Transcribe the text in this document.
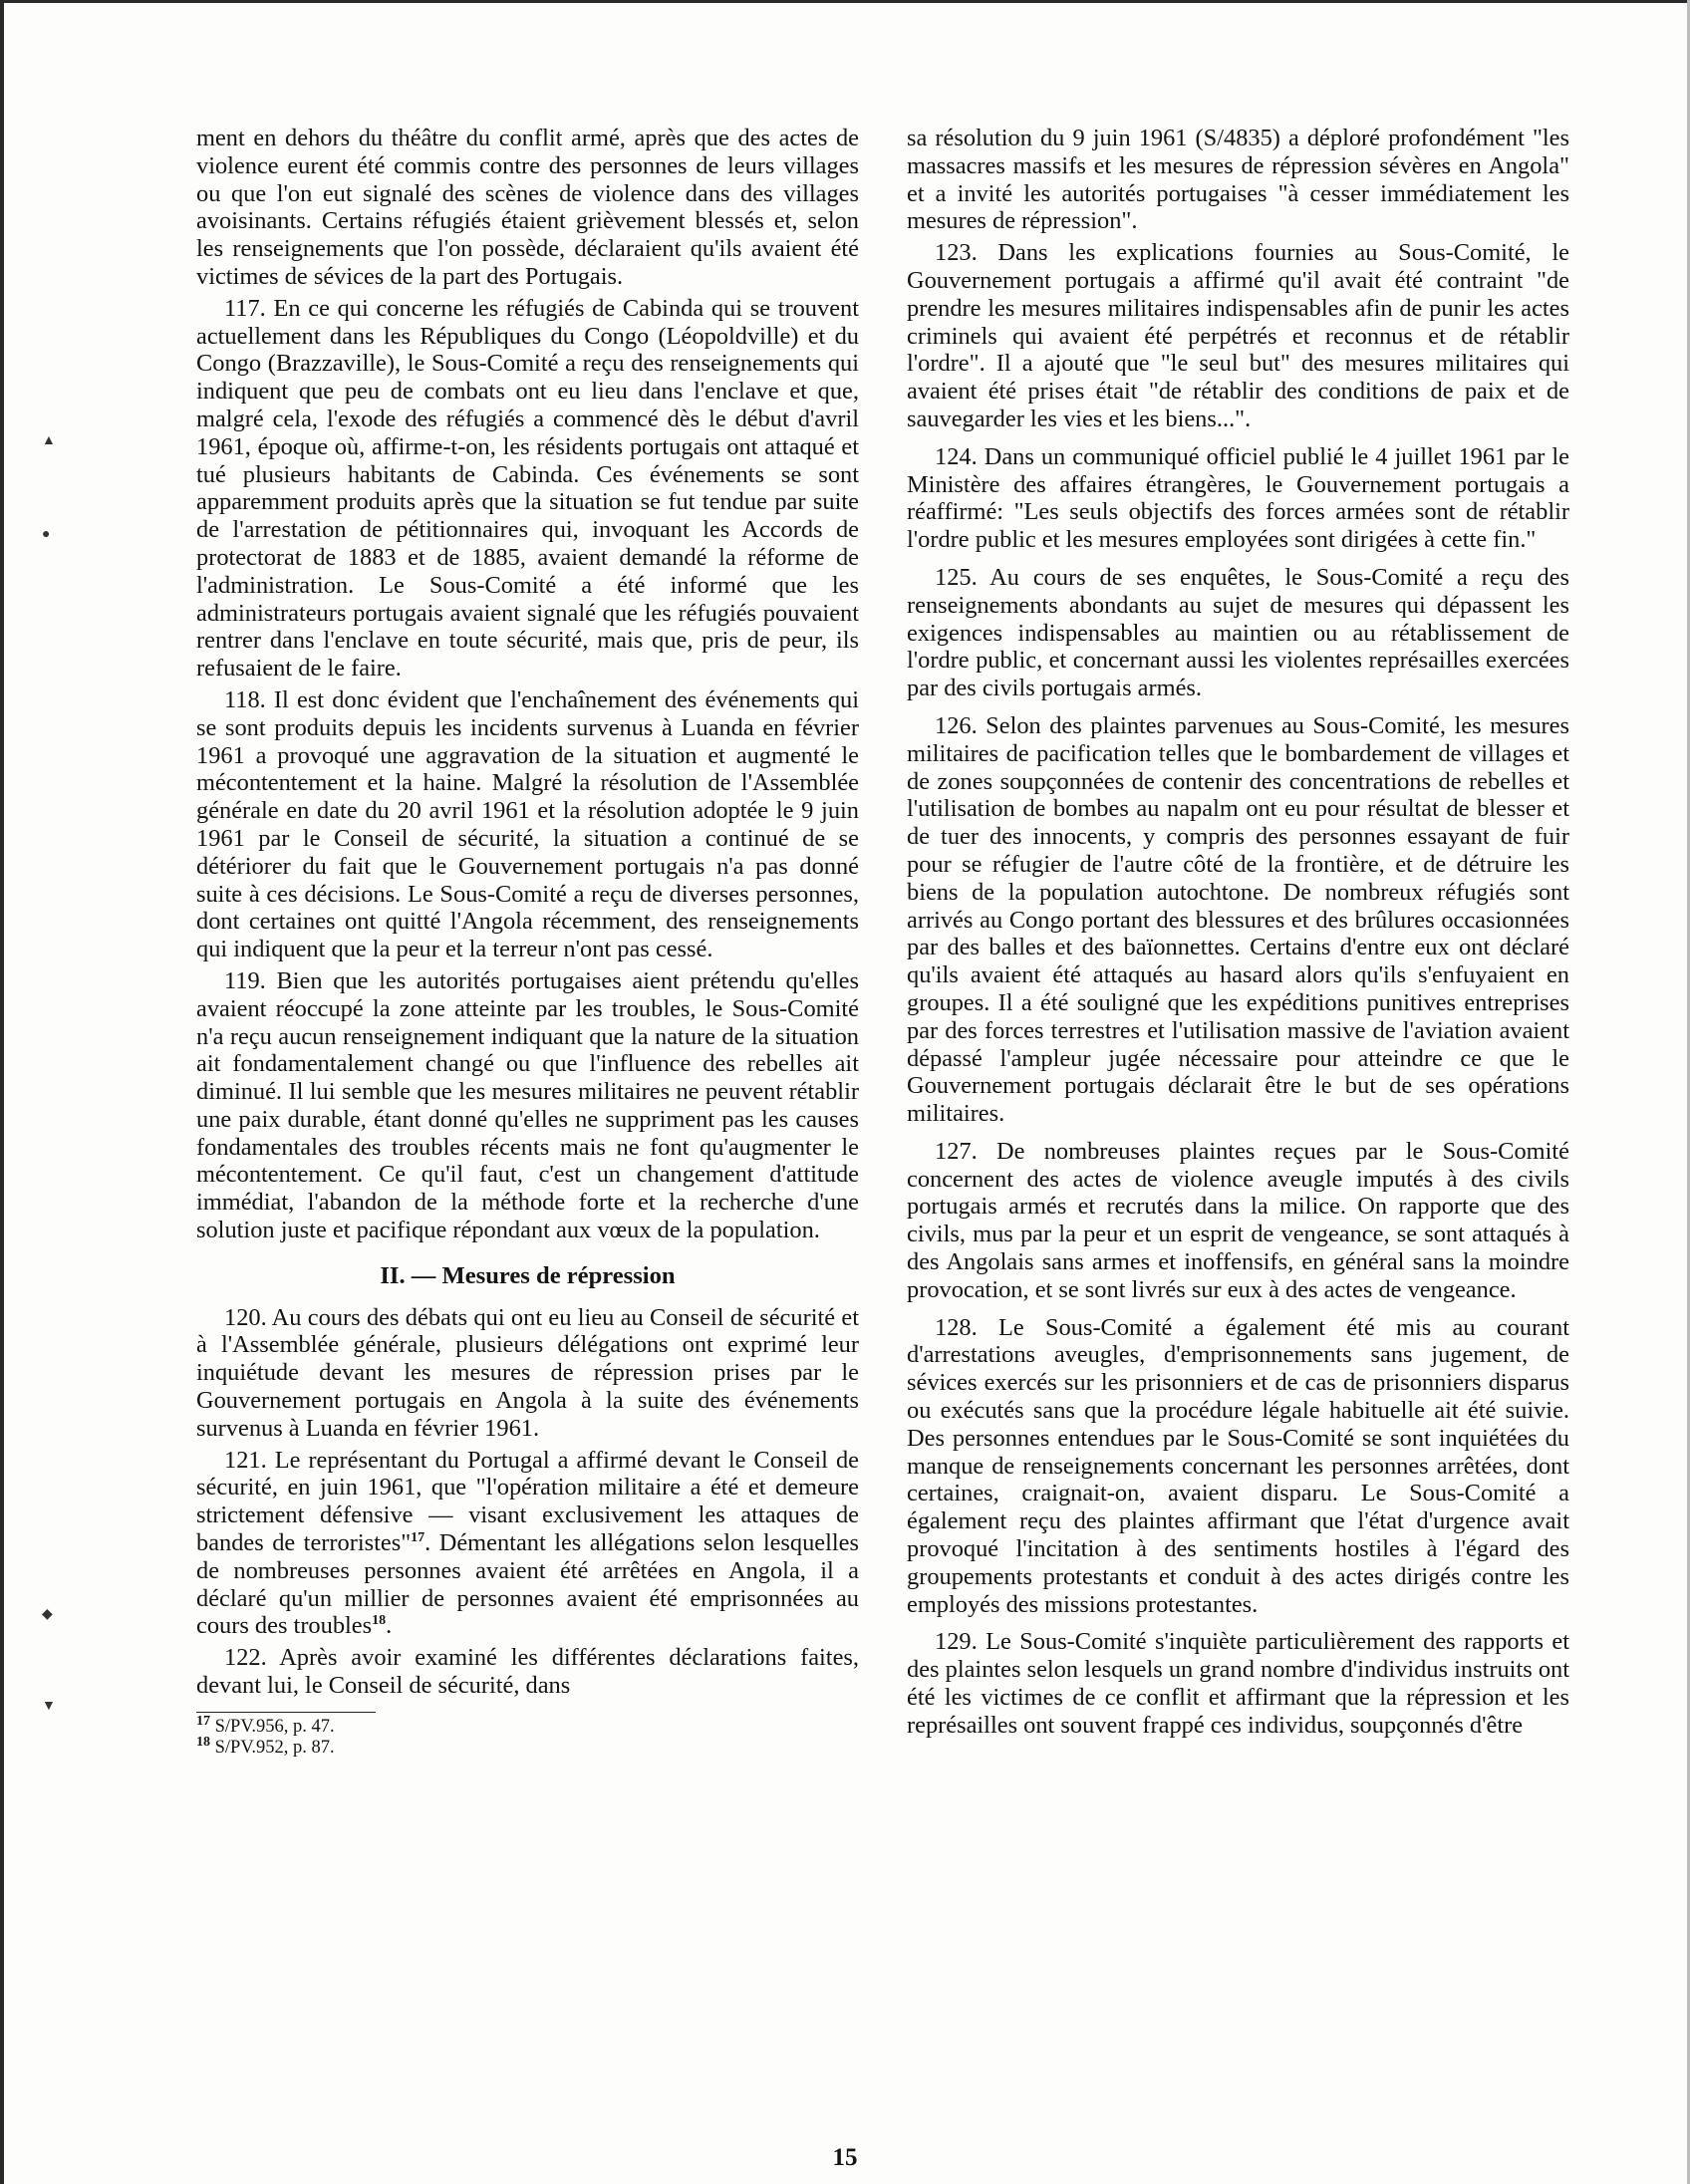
▲
●
◆
▼

ment en dehors du théâtre du conflit armé, après que des actes de violence eurent été commis contre des personnes de leurs villages ou que l'on eut signalé des scènes de violence dans des villages avoisinants. Certains réfugiés étaient grièvement blessés et, selon les renseignements que l'on possède, déclaraient qu'ils avaient été victimes de sévices de la part des Portugais.

117. En ce qui concerne les réfugiés de Cabinda qui se trouvent actuellement dans les Républiques du Congo (Léopoldville) et du Congo (Brazzaville), le Sous-Comité a reçu des renseignements qui indiquent que peu de combats ont eu lieu dans l'enclave et que, malgré cela, l'exode des réfugiés a commencé dès le début d'avril 1961, époque où, affirme-t-on, les résidents portugais ont attaqué et tué plusieurs habitants de Cabinda. Ces événements se sont apparemment produits après que la situation se fut tendue par suite de l'arrestation de pétitionnaires qui, invoquant les Accords de protectorat de 1883 et de 1885, avaient demandé la réforme de l'administration. Le Sous-Comité a été informé que les administrateurs portugais avaient signalé que les réfugiés pouvaient rentrer dans l'enclave en toute sécurité, mais que, pris de peur, ils refusaient de le faire.

118. Il est donc évident que l'enchaînement des événements qui se sont produits depuis les incidents survenus à Luanda en février 1961 a provoqué une aggravation de la situation et augmenté le mécontentement et la haine. Malgré la résolution de l'Assemblée générale en date du 20 avril 1961 et la résolution adoptée le 9 juin 1961 par le Conseil de sécurité, la situation a continué de se détériorer du fait que le Gouvernement portugais n'a pas donné suite à ces décisions. Le Sous-Comité a reçu de diverses personnes, dont certaines ont quitté l'Angola récemment, des renseignements qui indiquent que la peur et la terreur n'ont pas cessé.

119. Bien que les autorités portugaises aient prétendu qu'elles avaient réoccupé la zone atteinte par les troubles, le Sous-Comité n'a reçu aucun renseignement indiquant que la nature de la situation ait fondamentalement changé ou que l'influence des rebelles ait diminué. Il lui semble que les mesures militaires ne peuvent rétablir une paix durable, étant donné qu'elles ne suppriment pas les causes fondamentales des troubles récents mais ne font qu'augmenter le mécontentement. Ce qu'il faut, c'est un changement d'attitude immédiat, l'abandon de la méthode forte et la recherche d'une solution juste et pacifique répondant aux vœux de la population.

II. — Mesures de répression

120. Au cours des débats qui ont eu lieu au Conseil de sécurité et à l'Assemblée générale, plusieurs délégations ont exprimé leur inquiétude devant les mesures de répression prises par le Gouvernement portugais en Angola à la suite des événements survenus à Luanda en février 1961.

121. Le représentant du Portugal a affirmé devant le Conseil de sécurité, en juin 1961, que "l'opération militaire a été et demeure strictement défensive — visant exclusivement les attaques de bandes de terroristes"$^{17}$. Démentant les allégations selon lesquelles de nombreuses personnes avaient été arrêtées en Angola, il a déclaré qu'un millier de personnes avaient été emprisonnées au cours des troubles$^{18}$.

122. Après avoir examiné les différentes déclarations faites, devant lui, le Conseil de sécurité, dans

$^{17}$ S/PV.956, p. 47.
$^{18}$ S/PV.952, p. 87.

sa résolution du 9 juin 1961 (S/4835) a déploré profondément "les massacres massifs et les mesures de répression sévères en Angola" et a invité les autorités portugaises "à cesser immédiatement les mesures de répression".

123. Dans les explications fournies au Sous-Comité, le Gouvernement portugais a affirmé qu'il avait été contraint "de prendre les mesures militaires indispensables afin de punir les actes criminels qui avaient été perpétrés et reconnus et de rétablir l'ordre". Il a ajouté que "le seul but" des mesures militaires qui avaient été prises était "de rétablir des conditions de paix et de sauvegarder les vies et les biens...".

124. Dans un communiqué officiel publié le 4 juillet 1961 par le Ministère des affaires étrangères, le Gouvernement portugais a réaffirmé: "Les seuls objectifs des forces armées sont de rétablir l'ordre public et les mesures employées sont dirigées à cette fin."

125. Au cours de ses enquêtes, le Sous-Comité a reçu des renseignements abondants au sujet de mesures qui dépassent les exigences indispensables au maintien ou au rétablissement de l'ordre public, et concernant aussi les violentes représailles exercées par des civils portugais armés.

126. Selon des plaintes parvenues au Sous-Comité, les mesures militaires de pacification telles que le bombardement de villages et de zones soupçonnées de contenir des concentrations de rebelles et l'utilisation de bombes au napalm ont eu pour résultat de blesser et de tuer des innocents, y compris des personnes essayant de fuir pour se réfugier de l'autre côté de la frontière, et de détruire les biens de la population autochtone. De nombreux réfugiés sont arrivés au Congo portant des blessures et des brûlures occasionnées par des balles et des baïonnettes. Certains d'entre eux ont déclaré qu'ils avaient été attaqués au hasard alors qu'ils s'enfuyaient en groupes. Il a été souligné que les expéditions punitives entreprises par des forces terrestres et l'utilisation massive de l'aviation avaient dépassé l'ampleur jugée nécessaire pour atteindre ce que le Gouvernement portugais déclarait être le but de ses opérations militaires.

127. De nombreuses plaintes reçues par le Sous-Comité concernent des actes de violence aveugle imputés à des civils portugais armés et recrutés dans la milice. On rapporte que des civils, mus par la peur et un esprit de vengeance, se sont attaqués à des Angolais sans armes et inoffensifs, en général sans la moindre provocation, et se sont livrés sur eux à des actes de vengeance.

128. Le Sous-Comité a également été mis au courant d'arrestations aveugles, d'emprisonnements sans jugement, de sévices exercés sur les prisonniers et de cas de prisonniers disparus ou exécutés sans que la procédure légale habituelle ait été suivie. Des personnes entendues par le Sous-Comité se sont inquiétées du manque de renseignements concernant les personnes arrêtées, dont certaines, craignait-on, avaient disparu. Le Sous-Comité a également reçu des plaintes affirmant que l'état d'urgence avait provoqué l'incitation à des sentiments hostiles à l'égard des groupements protestants et conduit à des actes dirigés contre les employés des missions protestantes.

129. Le Sous-Comité s'inquiète particulièrement des rapports et des plaintes selon lesquels un grand nombre d'individus instruits ont été les victimes de ce conflit et affirmant que la répression et les représailles ont souvent frappé ces individus, soupçonnés d'être

15
